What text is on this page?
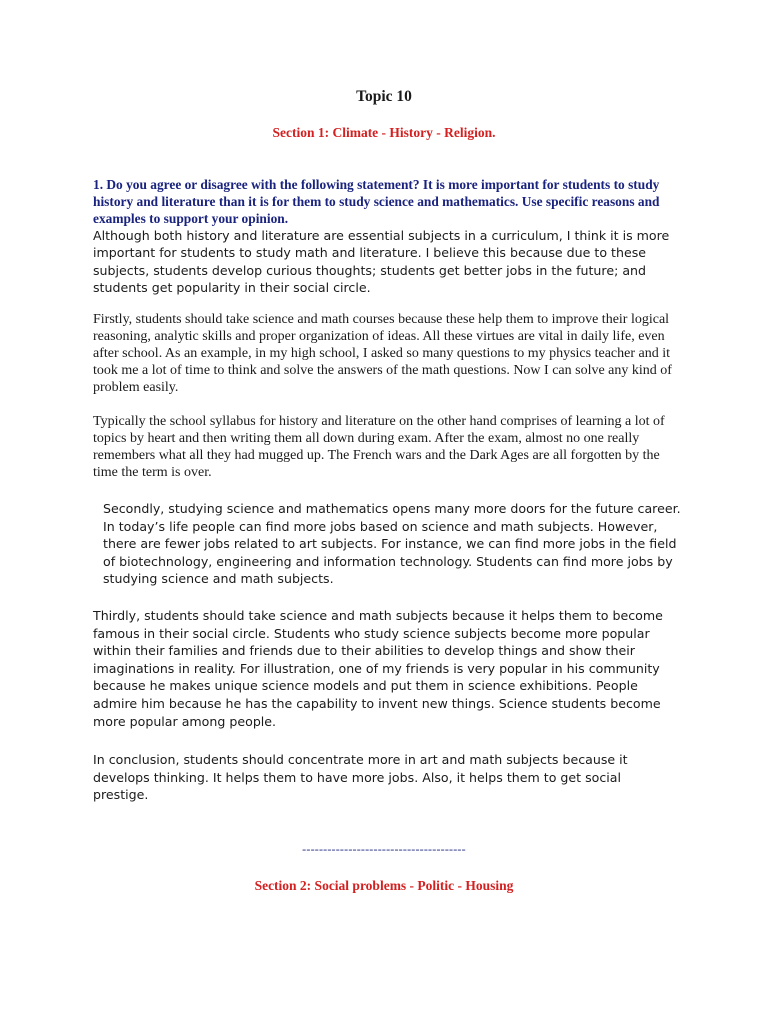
Topic 10
Section 1: Climate - History - Religion.

1. Do you agree or disagree with the following statement? It is more important for students to study history and literature than it is for them to study science and mathematics. Use specific reasons and examples to support your opinion.

Although both history and literature are essential subjects in a curriculum, I think it is more important for students to study math and literature. I believe this because due to these subjects, students develop curious thoughts; students get better jobs in the future; and students get popularity in their social circle.

Firstly, students should take science and math courses because these help them to improve their logical reasoning, analytic skills and proper organization of ideas. All these virtues are vital in daily life, even after school. As an example, in my high school, I asked so many questions to my physics teacher and it took me a lot of time to think and solve the answers of the math questions. Now I can solve any kind of problem easily.

Typically the school syllabus for history and literature on the other hand comprises of learning a lot of topics by heart and then writing them all down during exam. After the exam, almost no one really remembers what all they had mugged up. The French wars and the Dark Ages are all forgotten by the time the term is over.

Secondly, studying science and mathematics opens many more doors for the future career. In today’s life people can find more jobs based on science and math subjects. However, there are fewer jobs related to art subjects. For instance, we can find more jobs in the field of biotechnology, engineering and information technology. Students can find more jobs by studying science and math subjects.

Thirdly, students should take science and math subjects because it helps them to become famous in their social circle. Students who study science subjects become more popular within their families and friends due to their abilities to develop things and show their imaginations in reality. For illustration, one of my friends is very popular in his community because he makes unique science models and put them in science exhibitions. People admire him because he has the capability to invent new things. Science students become more popular among people.

In conclusion, students should concentrate more in art and math subjects because it develops thinking. It helps them to have more jobs. Also, it helps them to get social prestige.

---------------------------------------
Section 2: Social problems - Politic - Housing
